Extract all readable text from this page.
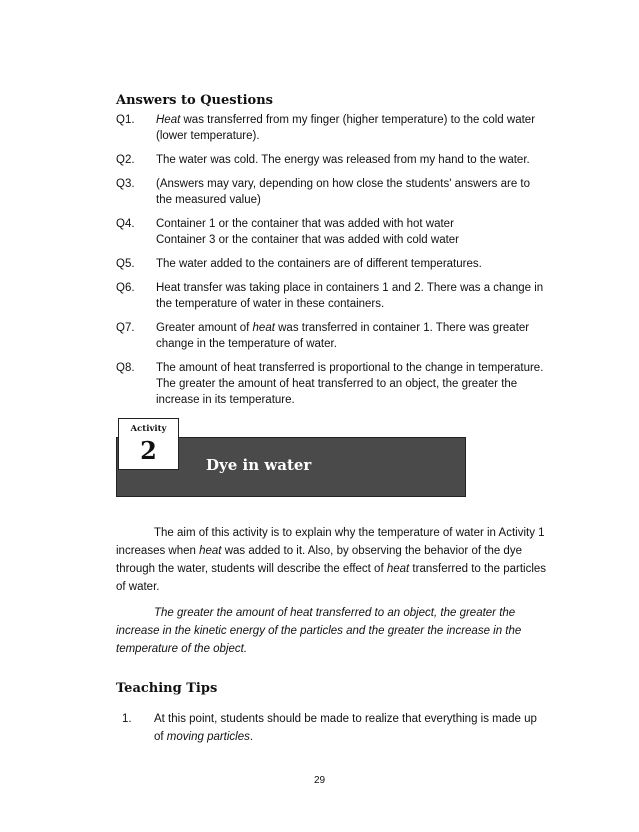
Answers to Questions
Q1.	Heat was transferred from my finger (higher temperature) to the cold water
(lower temperature).
Q2.	The water was cold. The energy was released from my hand to the water.
Q3.	(Answers may vary, depending on how close the students' answers are to
the measured value)
Q4.	Container 1 or the container that was added with hot water
Container 3 or the container that was added with cold water
Q5.	The water added to the containers are of different temperatures.
Q6.	Heat transfer was taking place in containers 1 and 2. There was a change in
the temperature of water in these containers.
Q7.	Greater amount of heat was transferred in container 1. There was greater
change in the temperature of water.
Q8.	The amount of heat transferred is proportional to the change in temperature.
The greater the amount of heat transferred to an object, the greater the
increase in its temperature.
Activity
2	Dye in water
The aim of this activity is to explain why the temperature of water in Activity 1
increases when heat was added to it. Also, by observing the behavior of the dye
through the water, students will describe the effect of heat transferred to the particles
of water.
The greater the amount of heat transferred to an object, the greater the
increase in the kinetic energy of the particles and the greater the increase in the
temperature of the object.
Teaching Tips
1.	At this point, students should be made to realize that everything is made up
of moving particles.
29
